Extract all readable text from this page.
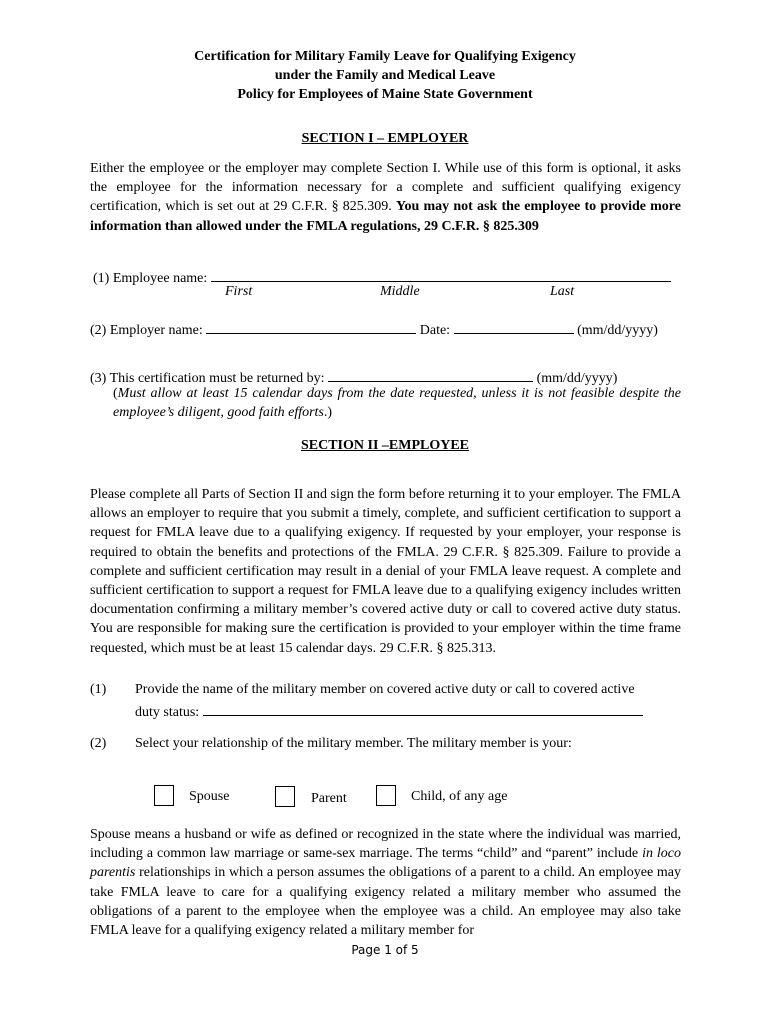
Certification for Military Family Leave for Qualifying Exigency
under the Family and Medical Leave
Policy for Employees of Maine State Government
SECTION I – EMPLOYER
Either the employee or the employer may complete Section I. While use of this form is optional, it asks the employee for the information necessary for a complete and sufficient qualifying exigency certification, which is set out at 29 C.F.R. § 825.309. You may not ask the employee to provide more information than allowed under the FMLA regulations, 29 C.F.R. § 825.309
(1) Employee name:
First	Middle	Last
(2) Employer name:	Date:	(mm/dd/yyyy)
(3) This certification must be returned by:	(mm/dd/yyyy)
(Must allow at least 15 calendar days from the date requested, unless it is not feasible despite the employee’s diligent, good faith efforts.)
SECTION II –EMPLOYEE
Please complete all Parts of Section II and sign the form before returning it to your employer. The FMLA allows an employer to require that you submit a timely, complete, and sufficient certification to support a request for FMLA leave due to a qualifying exigency. If requested by your employer, your response is required to obtain the benefits and protections of the FMLA. 29 C.F.R. § 825.309. Failure to provide a complete and sufficient certification may result in a denial of your FMLA leave request. A complete and sufficient certification to support a request for FMLA leave due to a qualifying exigency includes written documentation confirming a military member’s covered active duty or call to covered active duty status. You are responsible for making sure the certification is provided to your employer within the time frame requested, which must be at least 15 calendar days. 29 C.F.R. § 825.313.
(1) Provide the name of the military member on covered active duty or call to covered active
duty status:
(2) Select your relationship of the military member. The military member is your:
Spouse	Parent	Child, of any age
Spouse means a husband or wife as defined or recognized in the state where the individual was married, including a common law marriage or same-sex marriage. The terms “child” and “parent” include in loco parentis relationships in which a person assumes the obligations of a parent to a child. An employee may take FMLA leave to care for a qualifying exigency related a military member who assumed the obligations of a parent to the employee when the employee was a child. An employee may also take FMLA leave for a qualifying exigency related a military member for
Page 1 of 5
